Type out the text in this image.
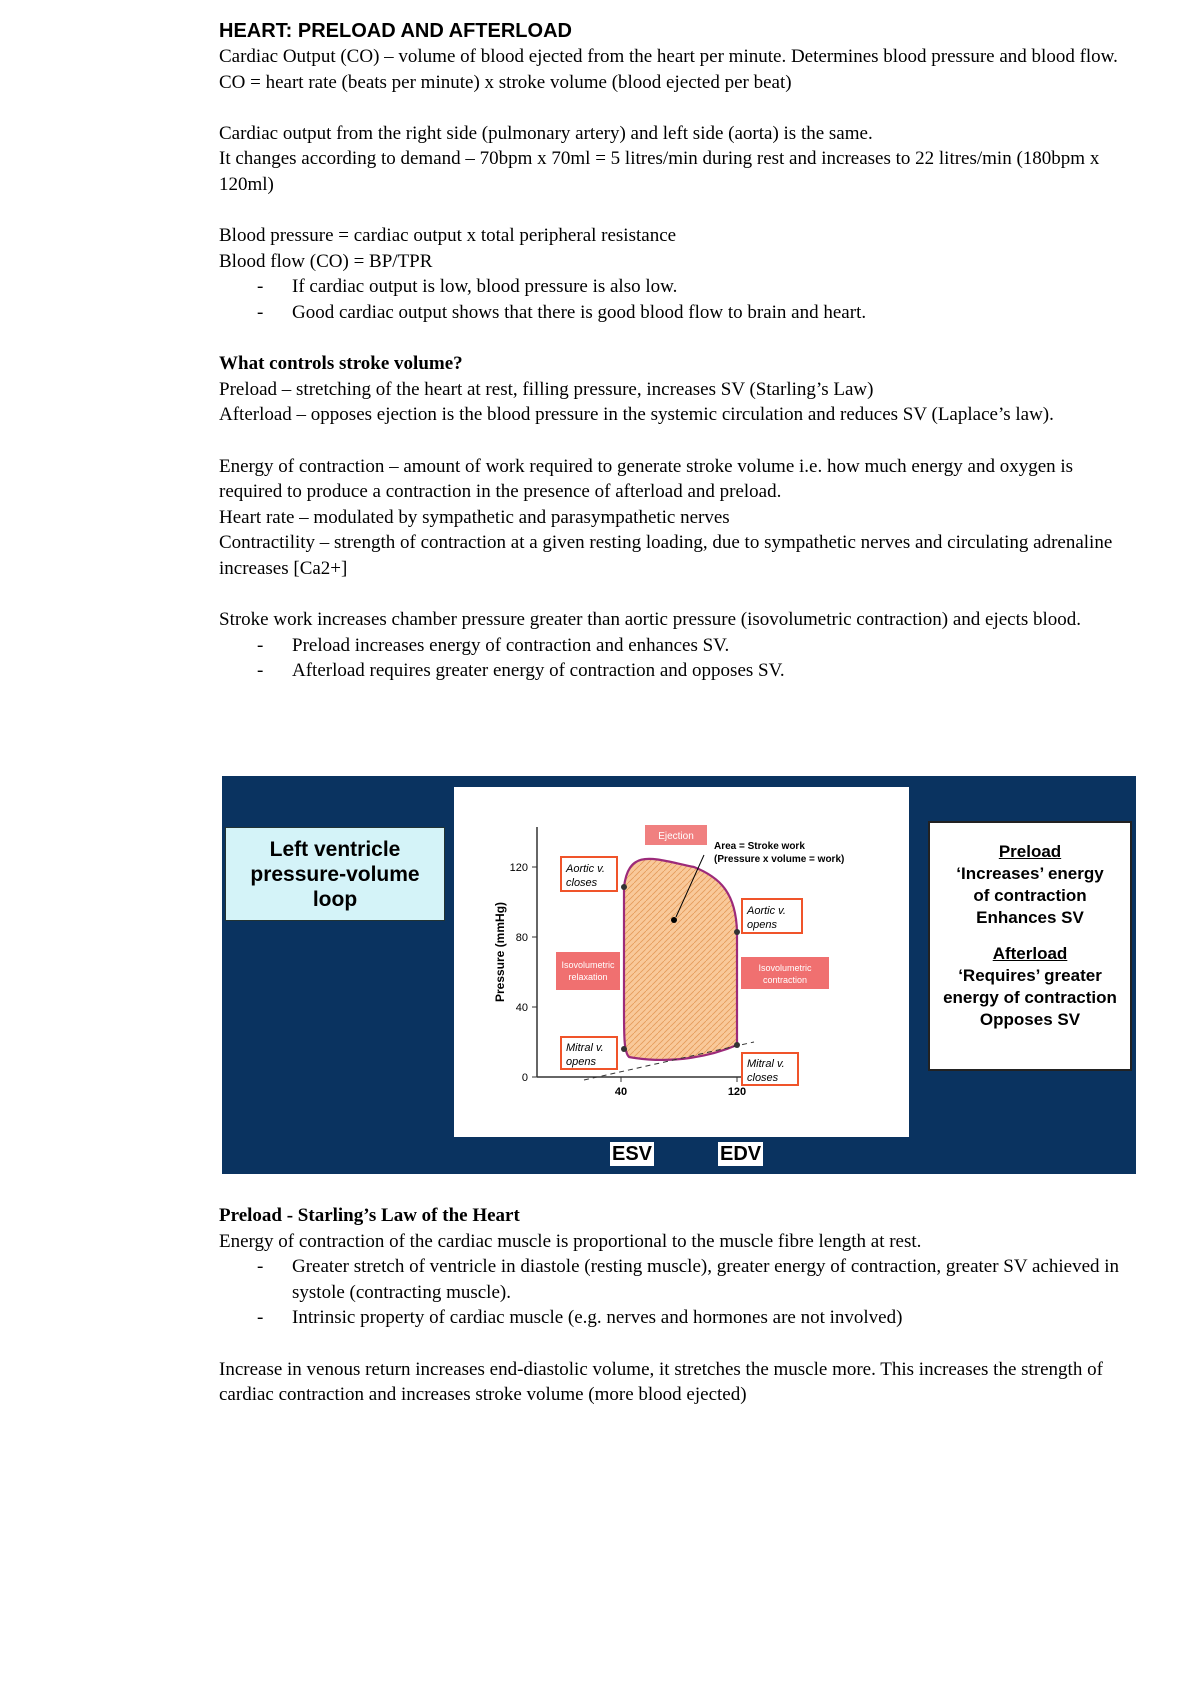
HEART: PRELOAD AND AFTERLOAD

Cardiac Output (CO) – volume of blood ejected from the heart per minute. Determines blood pressure and blood flow.

CO = heart rate (beats per minute) x stroke volume (blood ejected per beat)

Cardiac output from the right side (pulmonary artery) and left side (aorta) is the same.

It changes according to demand – 70bpm x 70ml = 5 litres/min during rest and increases to 22 litres/min (180bpm x 120ml)

Blood pressure = cardiac output x total peripheral resistance

Blood flow (CO) = BP/TPR

- If cardiac output is low, blood pressure is also low.
- Good cardiac output shows that there is good blood flow to brain and heart.

What controls stroke volume?

Preload – stretching of the heart at rest, filling pressure, increases SV (Starling’s Law)

Afterload – opposes ejection is the blood pressure in the systemic circulation and reduces SV (Laplace’s law).

Energy of contraction – amount of work required to generate stroke volume i.e. how much energy and oxygen is required to produce a contraction in the presence of afterload and preload.

Heart rate – modulated by sympathetic and parasympathetic nerves

Contractility – strength of contraction at a given resting loading, due to sympathetic nerves and circulating adrenaline increases [Ca2+]

Stroke work increases chamber pressure greater than aortic pressure (isovolumetric contraction) and ejects blood.

- Preload increases energy of contraction and enhances SV.
- Afterload requires greater energy of contraction and opposes SV.
Left ventricle
pressure-volume
loop
120
80
40
0
40	120
Pressure (mmHg)
Ejection
Area = Stroke work
(Pressure x volume = work)
Aortic v.
closes
Aortic v.
opens
Isovolumetric
relaxation
Isovolumetric
contraction
Mitral v.
opens	Mitral v.
closes
Preload
‘Increases’ energy
of contraction
Enhances SV
Afterload
‘Requires’ greater
energy of contraction
Opposes SV
ESV	EDV

Preload - Starling’s Law of the Heart

Energy of contraction of the cardiac muscle is proportional to the muscle fibre length at rest.

- Greater stretch of ventricle in diastole (resting muscle), greater energy of contraction, greater SV achieved in systole (contracting muscle).
- Intrinsic property of cardiac muscle (e.g. nerves and hormones are not involved)

Increase in venous return increases end-diastolic volume, it stretches the muscle more. This increases the strength of cardiac contraction and increases stroke volume (more blood ejected)
